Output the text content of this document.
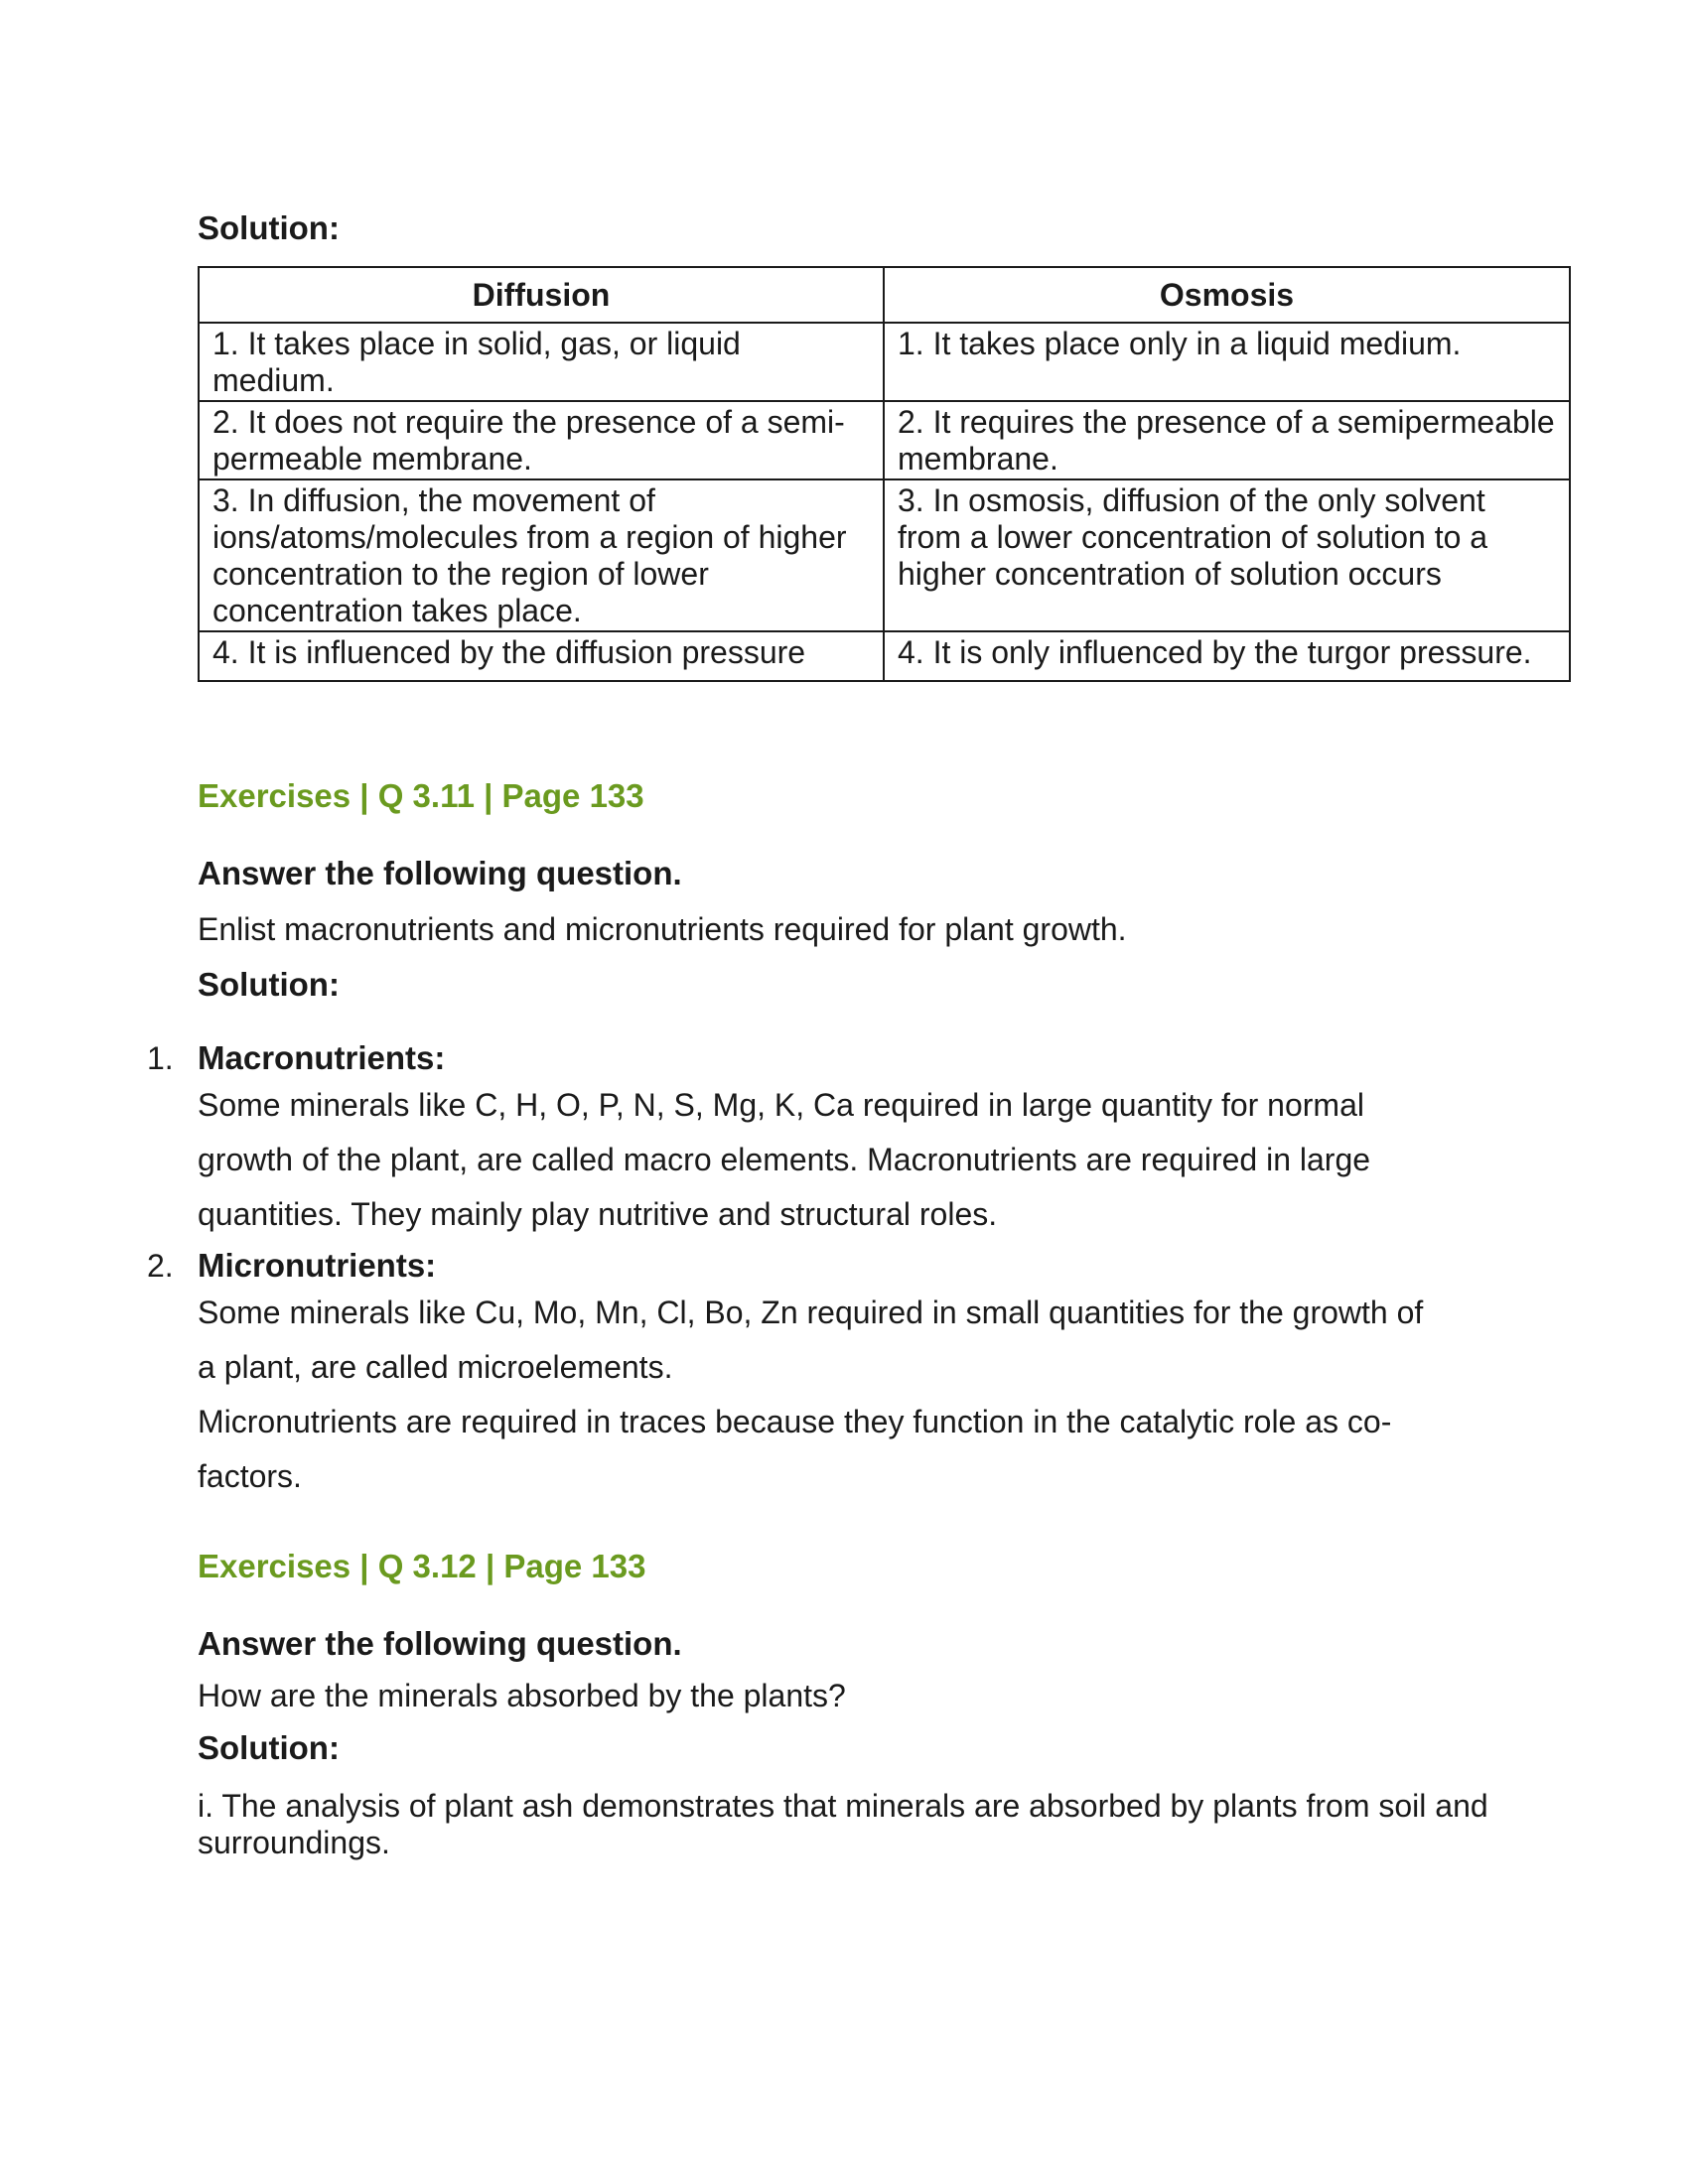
Solution:
Diffusion	Osmosis
1. It takes place in solid, gas, or liquid medium.	1. It takes place only in a liquid medium.
2. It does not require the presence of a semi-permeable membrane.	2. It requires the presence of a semipermeable membrane.
3. In diffusion, the movement of ions/atoms/molecules from a region of higher concentration to the region of lower concentration takes place.	3. In osmosis, diffusion of the only solvent from a lower concentration of solution to a higher concentration of solution occurs
4. It is influenced by the diffusion pressure	4. It is only influenced by the turgor pressure.
Exercises | Q 3.11 | Page 133
Answer the following question.
Enlist macronutrients and micronutrients required for plant growth.
Solution:
1. Macronutrients:
Some minerals like C, H, O, P, N, S, Mg, K, Ca required in large quantity for normal
growth of the plant, are called macro elements. Macronutrients are required in large
quantities. They mainly play nutritive and structural roles.
2. Micronutrients:
Some minerals like Cu, Mo, Mn, Cl, Bo, Zn required in small quantities for the growth of
a plant, are called microelements.
Micronutrients are required in traces because they function in the catalytic role as co-
factors.
Exercises | Q 3.12 | Page 133
Answer the following question.
How are the minerals absorbed by the plants?
Solution:
i. The analysis of plant ash demonstrates that minerals are absorbed by plants from soil and surroundings.
